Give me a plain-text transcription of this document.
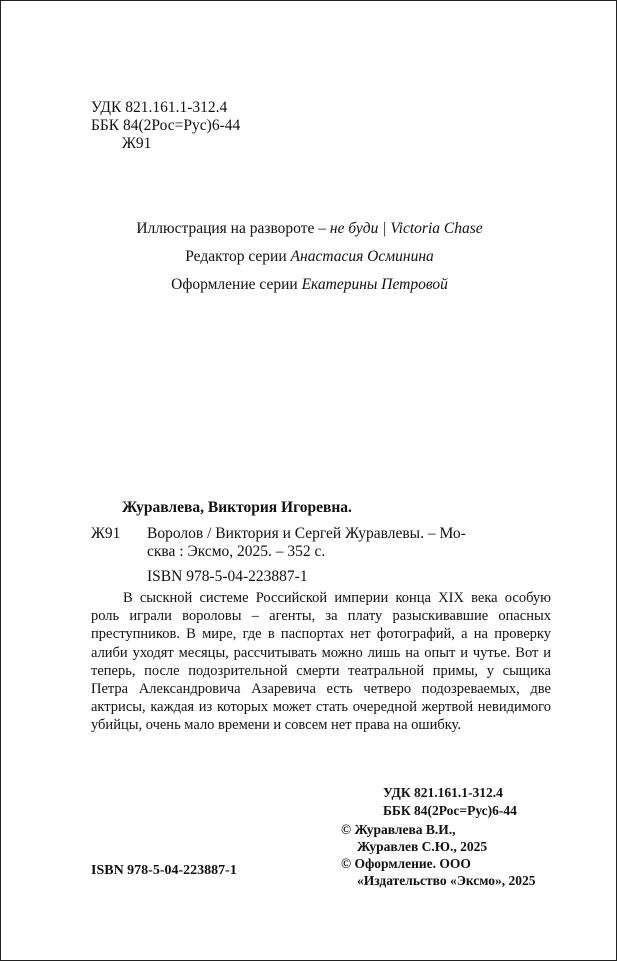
УДК 821.161.1-312.4
ББК 84(2Рос=Рус)6-44
Ж91
Иллюстрация на развороте – не буди | Victoria Chase
Редактор серии Анастасия Осминина
Оформление серии Екатерины Петровой
Журавлева, Виктория Игоревна.
Ж91 Воролов / Виктория и Сергей Журавлевы. – Мо-
сква : Эксмо, 2025. – 352 с.
ISBN 978-5-04-223887-1
В сыскной системе Российской империи конца XIX века особую роль играли вороловы – агенты, за плату разыскивавшие опасных преступников. В мире, где в паспортах нет фотографий, а на проверку алиби уходят месяцы, рассчитывать можно лишь на опыт и чутье. Вот и теперь, после подозрительной смерти театральной примы, у сыщика Петра Александровича Азаревича есть четверо подозреваемых, две актрисы, каждая из которых может стать очередной жертвой невидимого убийцы, очень мало времени и совсем нет права на ошибку.
УДК 821.161.1-312.4
ББК 84(2Рос=Рус)6-44
© Журавлева В.И.,
Журавлев С.Ю., 2025
© Оформление. ООО
«Издательство «Эксмо», 2025
ISBN 978-5-04-223887-1
